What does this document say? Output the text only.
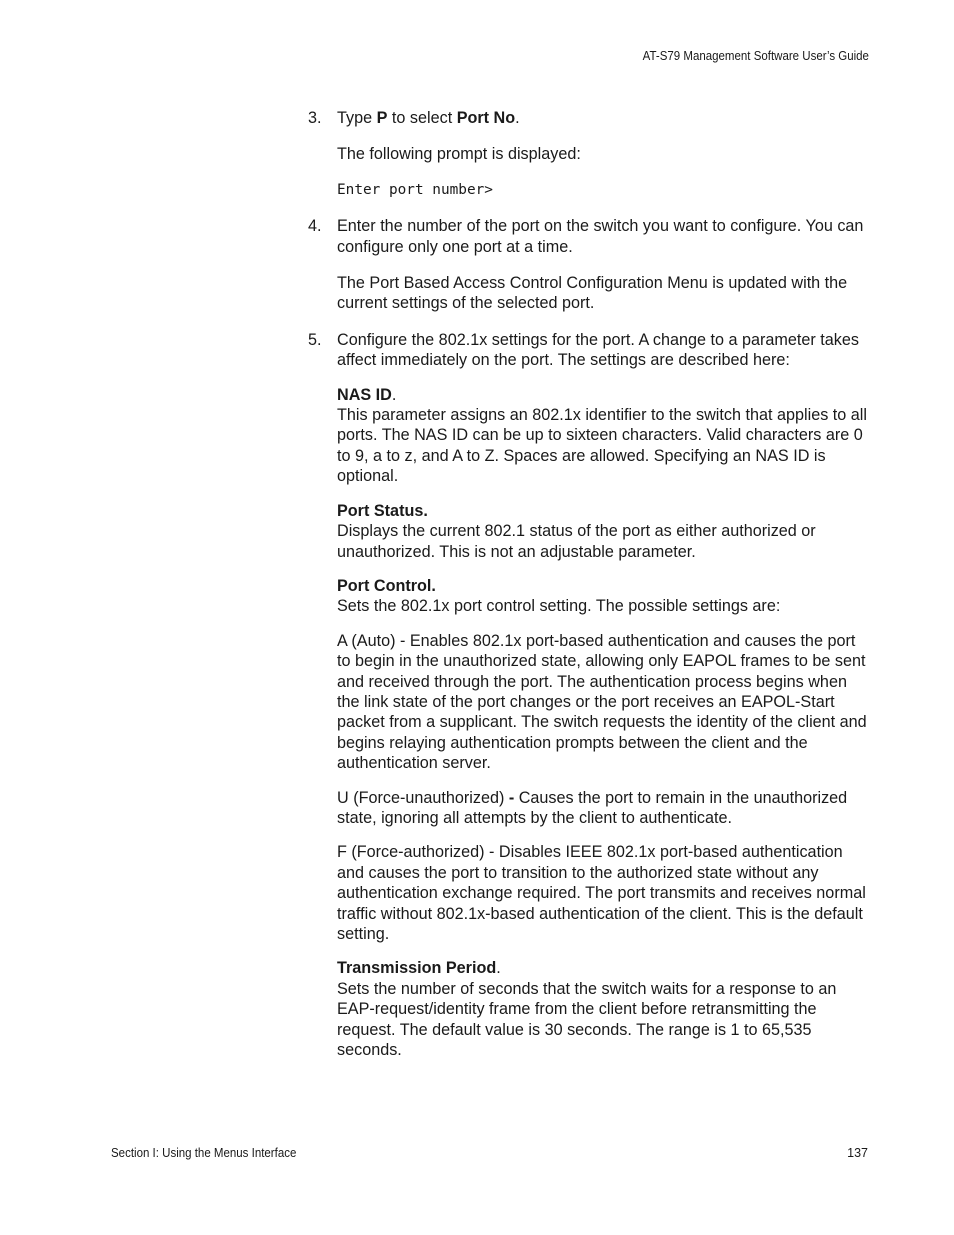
AT-S79 Management Software User’s Guide
3. Type P to select Port No.

The following prompt is displayed:

Enter port number>

4. Enter the number of the port on the switch you want to configure. You can configure only one port at a time.

The Port Based Access Control Configuration Menu is updated with the current settings of the selected port.

5. Configure the 802.1x settings for the port. A change to a parameter takes affect immediately on the port. The settings are described here:

NAS ID.

This parameter assigns an 802.1x identifier to the switch that applies to all ports. The NAS ID can be up to sixteen characters. Valid characters are 0 to 9, a to z, and A to Z. Spaces are allowed. Specifying an NAS ID is optional.

Port Status.

Displays the current 802.1 status of the port as either authorized or unauthorized. This is not an adjustable parameter.

Port Control.

Sets the 802.1x port control setting. The possible settings are:

A (Auto) - Enables 802.1x port-based authentication and causes the port to begin in the unauthorized state, allowing only EAPOL frames to be sent and received through the port. The authentication process begins when the link state of the port changes or the port receives an EAPOL-Start packet from a supplicant. The switch requests the identity of the client and begins relaying authentication prompts between the client and the authentication server.

U (Force-unauthorized) - Causes the port to remain in the unauthorized state, ignoring all attempts by the client to authenticate.

F (Force-authorized) - Disables IEEE 802.1x port-based authentication and causes the port to transition to the authorized state without any authentication exchange required. The port transmits and receives normal traffic without 802.1x-based authentication of the client. This is the default setting.

Transmission Period.

Sets the number of seconds that the switch waits for a response to an EAP-request/identity frame from the client before retransmitting the request. The default value is 30 seconds. The range is 1 to 65,535 seconds.

Section I: Using the Menus Interface	137
